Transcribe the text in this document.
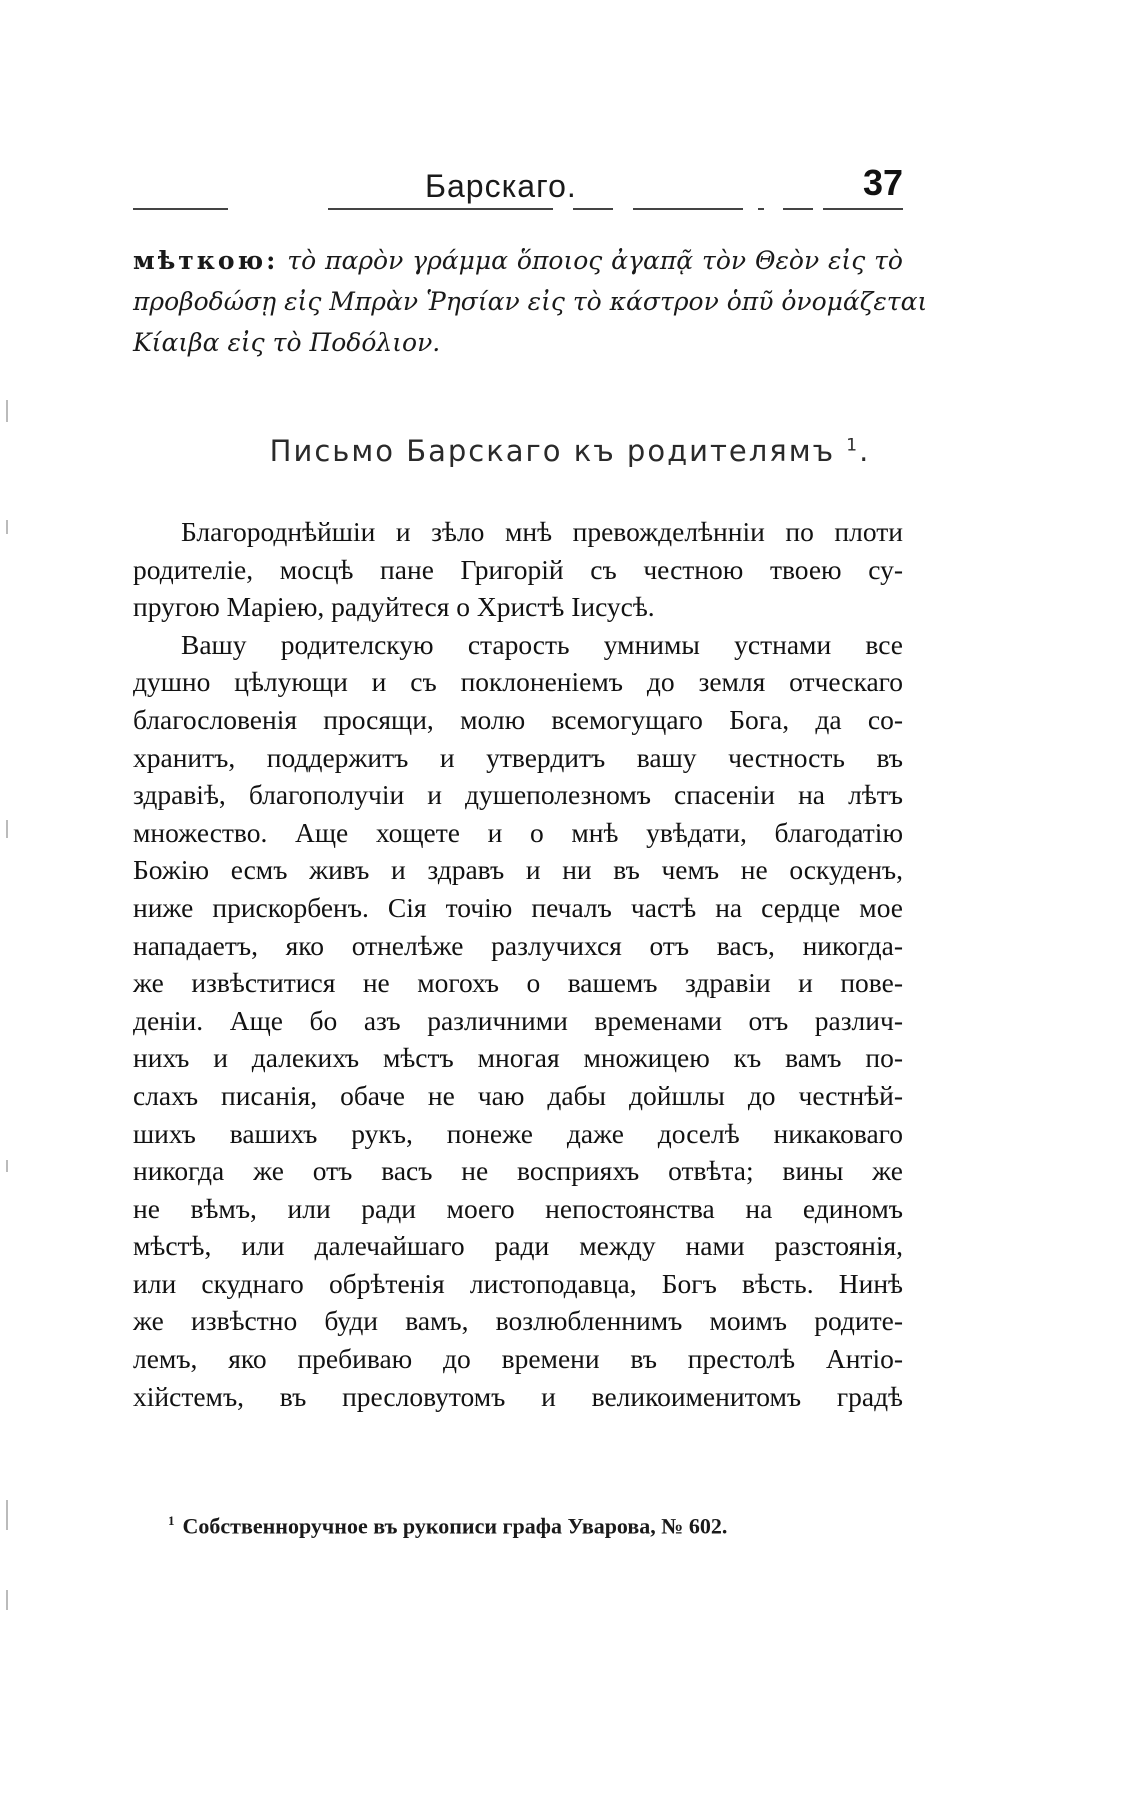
Барскаго.	37
мѣткою: τὸ παρὸν γράμμα ὅποιος ἀγαπᾷ τὸν Θεὸν εἰς τὸ
προβοδώσῃ εἰς Μπρὰν Ῥησίαν εἰς τὸ κάστρον ὁπῦ ὀνομάζεται
Κίαιβα εἰς τὸ Ποδόλιον.
Письмо Барскаго къ родителямъ $^1$.
Благороднѣйшіи и зѣло мнѣ превожделѣнніи по плоти
родителіе, мосцѣ пане Григорій съ честною твоею су-
пругою Маріею, радуйтеся о Христѣ Іисусѣ.
Вашу родителскую старость умнимы устнами все
душно цѣлующи и съ поклоненіемъ до земля отческаго
благословенія просящи, молю всемогущаго Бога, да со-
хранитъ, поддержитъ и утвердитъ вашу честность въ
здравіѣ, благополучіи и душеполезномъ спасеніи на лѣтъ
множество. Аще хощете и о мнѣ увѣдати, благодатію
Божію есмъ живъ и здравъ и ни въ чемъ не оскуденъ,
ниже прискорбенъ. Сія точію печалъ частѣ на сердце мое
нападаетъ, яко отнелѣже разлучихся отъ васъ, никогда-
же извѣститися не могохъ о вашемъ здравіи и пове-
деніи. Аще бо азъ различними временами отъ различ-
нихъ и далекихъ мѣстъ многая множицею къ вамъ по-
слахъ писанія, обаче не чаю дабы дойшлы до честнѣй-
шихъ вашихъ рукъ, понеже даже доселѣ никаковаго
никогда же отъ васъ не восприяхъ отвѣта; вины же
не вѣмъ, или ради моего непостоянства на единомъ
мѣстѣ, или далечайшаго ради между нами разстоянія,
или скуднаго обрѣтенія листоподавца, Богъ вѣсть. Нинѣ
же извѣстно буди вамъ, возлюбленнимъ моимъ родите-
лемъ, яко пребиваю до времени въ престолѣ Антіо-
хійстемъ, въ пресловутомъ и великоименитомъ градѣ
$^1$ Собственноручное въ рукописи графа Уварова, № 602.
